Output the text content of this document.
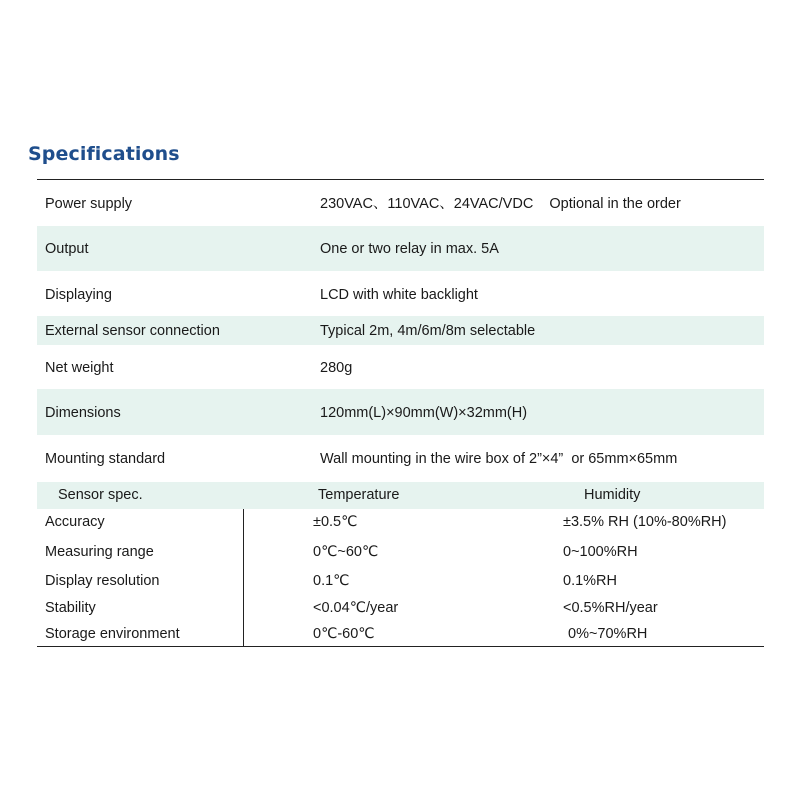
Specifications
Power supply	230VAC、110VAC、24VAC/VDC    Optional in the order
Output	One or two relay in max. 5A
Displaying	LCD with white backlight
External sensor connection	Typical 2m, 4m/6m/8m selectable
Net weight	280g
Dimensions	120mm(L)×90mm(W)×32mm(H)
Mounting standard	Wall mounting in the wire box of 2”×4”  or 65mm×65mm
Sensor spec.	Temperature	Humidity
Accuracy	±0.5℃	±3.5% RH (10%-80%RH)
Measuring range	0℃~60℃	0~100%RH
Display resolution	0.1℃	0.1%RH
Stability	<0.04℃/year	<0.5%RH/year
Storage environment	0℃-60℃	0%~70%RH
